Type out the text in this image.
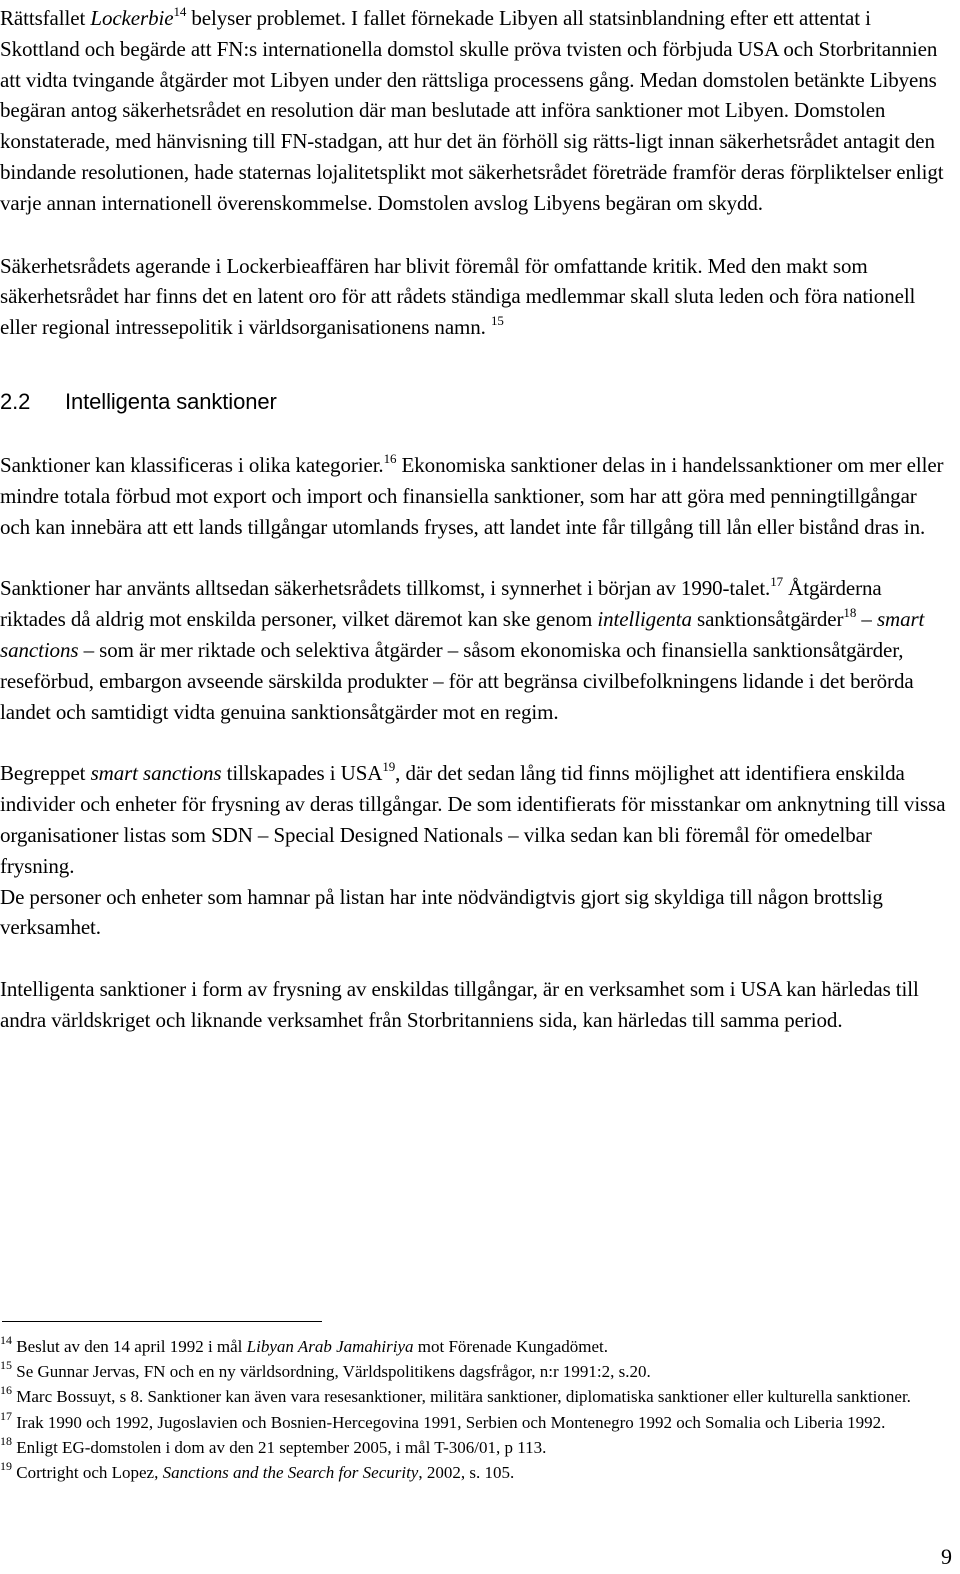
Rättsfallet Lockerbie$^{14}$ belyser problemet. I fallet förnekade Libyen all statsinblandning efter ett attentat i Skottland och begärde att FN:s internationella domstol skulle pröva tvisten och förbjuda USA och Storbritannien att vidta tvingande åtgärder mot Libyen under den rättsliga processens gång. Medan domstolen betänkte Libyens begäran antog säkerhetsrådet en resolution där man beslutade att införa sanktioner mot Libyen. Domstolen konstaterade, med hänvisning till FN-stadgan, att hur det än förhöll sig rätts-ligt innan säkerhetsrådet antagit den bindande resolutionen, hade staternas lojalitetsplikt mot säkerhetsrådet företräde framför deras förpliktelser enligt varje annan internationell överenskommelse. Domstolen avslog Libyens begäran om skydd.

Säkerhetsrådets agerande i Lockerbieaffären har blivit föremål för omfattande kritik. Med den makt som säkerhetsrådet har finns det en latent oro för att rådets ständiga medlemmar skall sluta leden och föra nationell eller regional intressepolitik i världsorganisationens namn. $^{15}$

2.2 Intelligenta sanktioner

Sanktioner kan klassificeras i olika kategorier.$^{16}$ Ekonomiska sanktioner delas in i handelssanktioner om mer eller mindre totala förbud mot export och import och finansiella sanktioner, som har att göra med penningtillgångar och kan innebära att ett lands tillgångar utomlands fryses, att landet inte får tillgång till lån eller bistånd dras in.

Sanktioner har använts alltsedan säkerhetsrådets tillkomst, i synnerhet i början av 1990-talet.$^{17}$ Åtgärderna riktades då aldrig mot enskilda personer, vilket däremot kan ske genom intelligenta sanktionsåtgärder$^{18}$ – smart sanctions – som är mer riktade och selektiva åtgärder – såsom ekonomiska och finansiella sanktionsåtgärder, reseförbud, embargon avseende särskilda produkter – för att begränsa civilbefolkningens lidande i det berörda landet och samtidigt vidta genuina sanktionsåtgärder mot en regim.

Begreppet smart sanctions tillskapades i USA$^{19}$, där det sedan lång tid finns möjlighet att identifiera enskilda individer och enheter för frysning av deras tillgångar. De som identifierats för misstankar om anknytning till vissa organisationer listas som SDN – Special Designed Nationals – vilka sedan kan bli föremål för omedelbar frysning.

De personer och enheter som hamnar på listan har inte nödvändigtvis gjort sig skyldiga till någon brottslig verksamhet.

Intelligenta sanktioner i form av frysning av enskildas tillgångar, är en verksamhet som i USA kan härledas till andra världskriget och liknande verksamhet från Storbritanniens sida, kan härledas till samma period.

$^{14}$ Beslut av den 14 april 1992 i mål Libyan Arab Jamahiriya mot Förenade Kungadömet.

$^{15}$ Se Gunnar Jervas, FN och en ny världsordning, Världspolitikens dagsfrågor, n:r 1991:2, s.20.

$^{16}$ Marc Bossuyt, s 8. Sanktioner kan även vara resesanktioner, militära sanktioner, diplomatiska sanktioner eller kulturella sanktioner.

$^{17}$ Irak 1990 och 1992, Jugoslavien och Bosnien-Hercegovina 1991, Serbien och Montenegro 1992 och Somalia och Liberia 1992.

$^{18}$ Enligt EG-domstolen i dom av den 21 september 2005, i mål T-306/01, p 113.

$^{19}$ Cortright och Lopez, Sanctions and the Search for Security, 2002, s. 105.

9
